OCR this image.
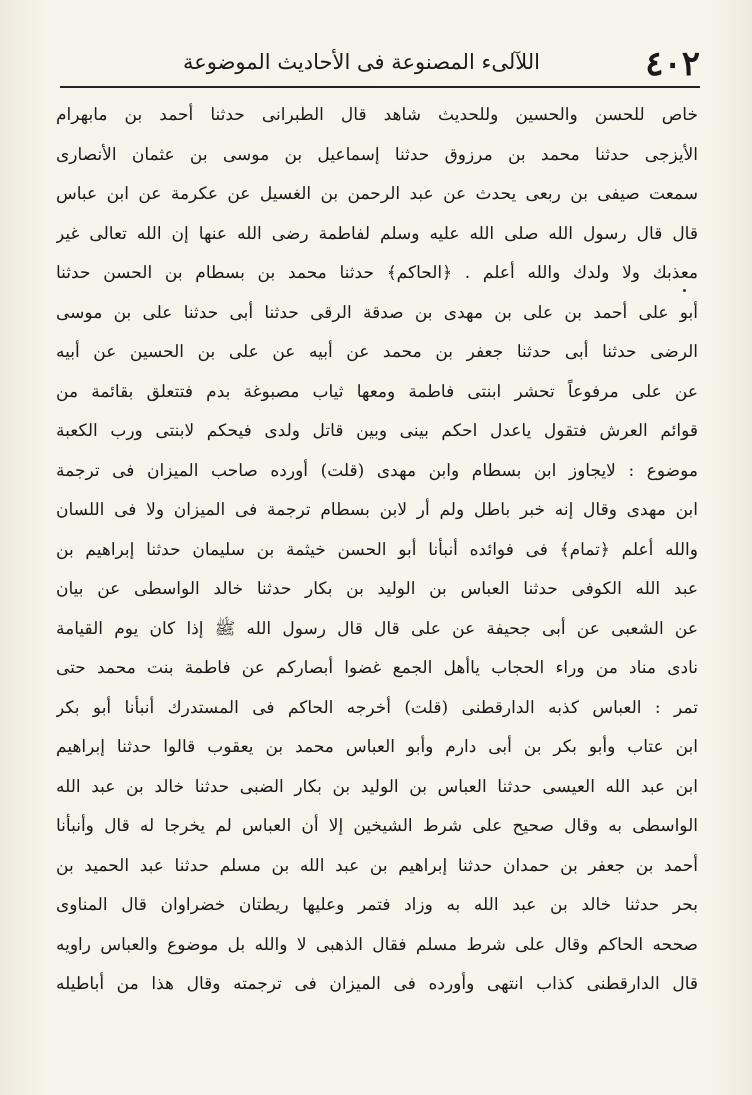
٤٠٢
اللآلىء المصنوعة فى الأحاديث الموضوعة
خاص للحسن والحسين وللحديث شاهد قال الطبرانى حدثنا أحمد بن مابهرام
الأيزجى حدثنا محمد بن مرزوق حدثنا إسماعيل بن موسى بن عثمان الأنصارى
سمعت صيفى بن ربعى يحدث عن عبد الرحمن بن الغسيل عن عكرمة عن ابن عباس
قال قال رسول الله صلى الله عليه وسلم لفاطمة رضى الله عنها إن الله تعالى غير
معذبك ولا ولدك والله أعلم . ﴿الحاكم﴾ حدثنا محمد بن بسطام بن الحسن حدثنا
أبو على أحمد بن على بن مهدى بن صدقة الرقى حدثنا أبى حدثنا على بن موسى
الرضى حدثنا أبى حدثنا جعفر بن محمد عن أبيه عن على بن الحسين عن أبيه
عن على مرفوعاً تحشر ابنتى فاطمة ومعها ثياب مصبوغة بدم فتتعلق بقائمة من
قوائم العرش فتقول ياعدل احكم بينى وبين قاتل ولدى فيحكم لابنتى ورب الكعبة
موضوع : لايجاوز ابن بسطام وابن مهدى (قلت) أورده صاحب الميزان فى ترجمة
ابن مهدى وقال إنه خبر باطل ولم أر لابن بسطام ترجمة فى الميزان ولا فى اللسان
والله أعلم ﴿تمام﴾ فى فوائده أنبأنا أبو الحسن خيثمة بن سليمان حدثنا إبراهيم بن
عبد الله الكوفى حدثنا العباس بن الوليد بن بكار حدثنا خالد الواسطى عن بيان
عن الشعبى عن أبى جحيفة عن على قال قال رسول الله ﷺ إذا كان يوم القيامة
نادى مناد من وراء الحجاب ياأهل الجمع غضوا أبصاركم عن فاطمة بنت محمد حتى
تمر : العباس كذبه الدارقطنى (قلت) أخرجه الحاكم فى المستدرك أنبأنا أبو بكر
ابن عتاب وأبو بكر بن أبى دارم وأبو العباس محمد بن يعقوب قالوا حدثنا إبراهيم
ابن عبد الله العيسى حدثنا العباس بن الوليد بن بكار الضبى حدثنا خالد بن عبد الله
الواسطى به وقال صحيح على شرط الشيخين إلا أن العباس لم يخرجا له قال وأنبأنا
أحمد بن جعفر بن حمدان حدثنا إبراهيم بن عبد الله بن مسلم حدثنا عبد الحميد بن
بحر حدثنا خالد بن عبد الله به وزاد فتمر وعليها ريطتان خضراوان قال المناوى
صححه الحاكم وقال على شرط مسلم فقال الذهبى لا والله بل موضوع والعباس راويه
قال الدارقطنى كذاب انتهى وأورده فى الميزان فى ترجمته وقال هذا من أباطيله
